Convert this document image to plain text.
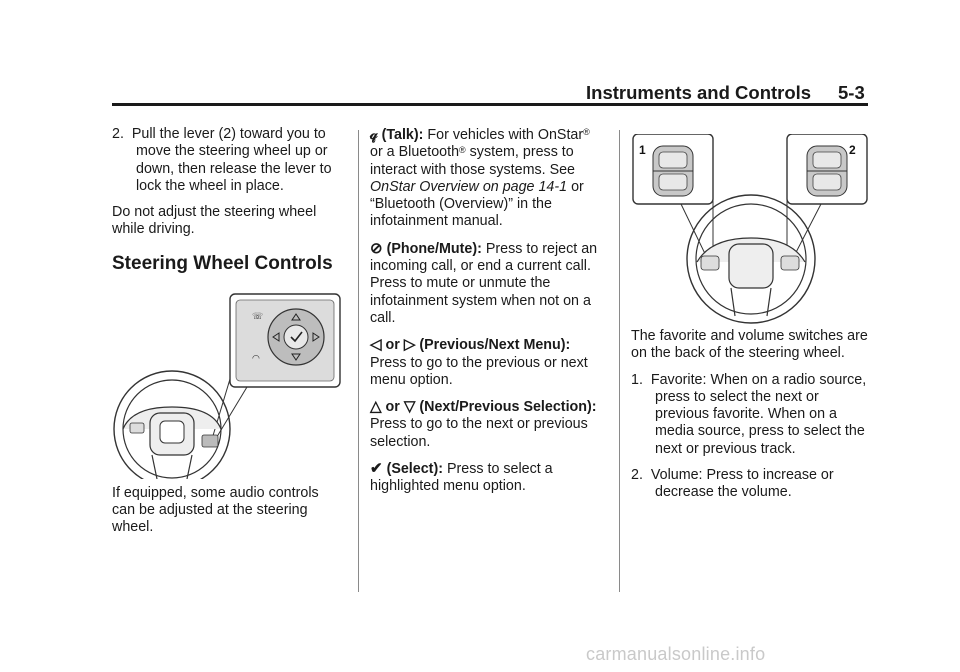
Instruments and Controls	5-3

2.  Pull the lever (2) toward you to move the steering wheel up or down, then release the lever to lock the wheel in place.

Do not adjust the steering wheel while driving.

Steering Wheel Controls
☏
◠

If equipped, some audio controls can be adjusted at the steering wheel.

𝓆 (Talk): For vehicles with OnStar® or a Bluetooth® system, press to interact with those systems. See OnStar Overview on page 14-1 or “Bluetooth (Overview)” in the infotainment manual.

⊘ (Phone/Mute): Press to reject an incoming call, or end a current call. Press to mute or unmute the infotainment system when not on a call.

◁ or ▷ (Previous/Next Menu): Press to go to the previous or next menu option.

△ or ▽ (Next/Previous Selection): Press to go to the next or previous selection.

✔ (Select): Press to select a highlighted menu option.

1	2

The favorite and volume switches are on the back of the steering wheel.

1.  Favorite: When on a radio source, press to select the next or previous favorite. When on a media source, press to select the next or previous track.

2.  Volume: Press to increase or decrease the volume.

carmanualsonline.info
